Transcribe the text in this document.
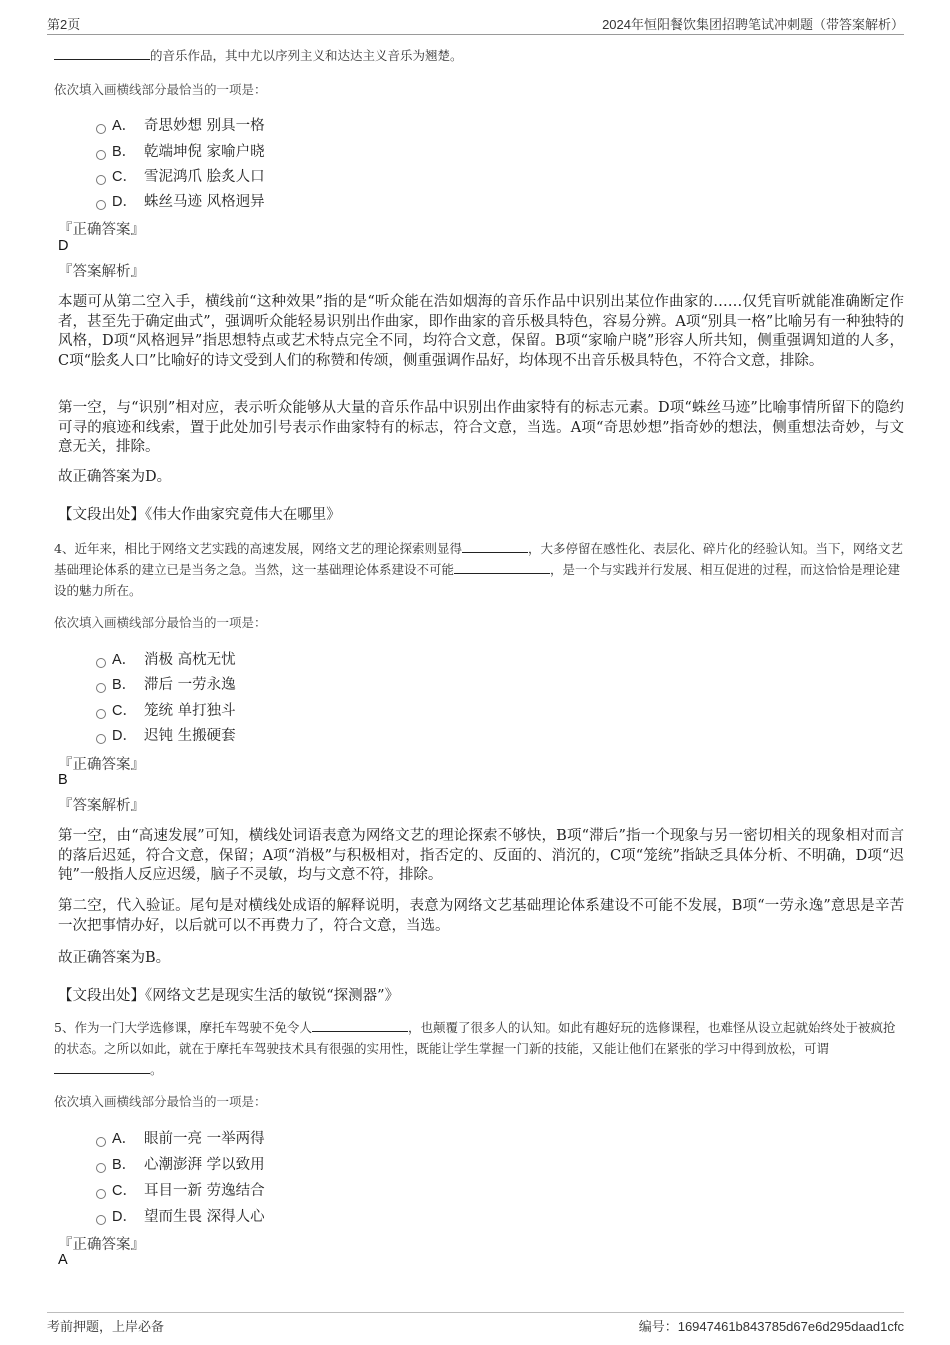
第2页	2024年恒阳餐饮集团招聘笔试冲刺题（带答案解析）
的音乐作品，其中尤以序列主义和达达主义音乐为翘楚。
依次填入画横线部分最恰当的一项是：
A． 奇思妙想 别具一格
B． 乾端坤倪 家喻户晓
C． 雪泥鸿爪 脍炙人口
D． 蛛丝马迹 风格迥异
『正确答案』
D
『答案解析』
本题可从第二空入手，横线前“这种效果”指的是“听众能在浩如烟海的音乐作品中识别出某位作曲家的……仅凭盲听就能准确断定作者，甚至先于确定曲式”，强调听众能轻易识别出作曲家，即作曲家的音乐极具特色，容易分辨。A项“别具一格”比喻另有一种独特的风格，D项“风格迥异”指思想特点或艺术特点完全不同，均符合文意，保留。B项“家喻户晓”形容人所共知，侧重强调知道的人多，C项“脍炙人口”比喻好的诗文受到人们的称赞和传颂，侧重强调作品好，均体现不出音乐极具特色，不符合文意，排除。
第一空，与“识别”相对应，表示听众能够从大量的音乐作品中识别出作曲家特有的标志元素。D项“蛛丝马迹”比喻事情所留下的隐约可寻的痕迹和线索，置于此处加引号表示作曲家特有的标志，符合文意，当选。A项“奇思妙想”指奇妙的想法，侧重想法奇妙，与文意无关，排除。
故正确答案为D。
【文段出处】《伟大作曲家究竟伟大在哪里》
4、近年来，相比于网络文艺实践的高速发展，网络文艺的理论探索则显得	，大多停留在感性化、表层化、碎片化的经验认知。当下，网络文艺基础理论体系的建立已是当务之急。当然，这一基础理论体系建设不可能	，是一个与实践并行发展、相互促进的过程，而这恰恰是理论建设的魅力所在。
依次填入画横线部分最恰当的一项是：
A． 消极 高枕无忧
B． 滞后 一劳永逸
C． 笼统 单打独斗
D． 迟钝 生搬硬套
『正确答案』
B
『答案解析』
第一空，由“高速发展”可知，横线处词语表意为网络文艺的理论探索不够快，B项“滞后”指一个现象与另一密切相关的现象相对而言的落后迟延，符合文意，保留；A项“消极”与积极相对，指否定的、反面的、消沉的，C项“笼统”指缺乏具体分析、不明确，D项“迟钝”一般指人反应迟缓，脑子不灵敏，均与文意不符，排除。
第二空，代入验证。尾句是对横线处成语的解释说明，表意为网络文艺基础理论体系建设不可能不发展，B项“一劳永逸”意思是辛苦一次把事情办好，以后就可以不再费力了，符合文意，当选。
故正确答案为B。
【文段出处】《网络文艺是现实生活的敏锐“探测器”》
5、作为一门大学选修课，摩托车驾驶不免令人	，也颠覆了很多人的认知。如此有趣好玩的选修课程，也难怪从设立起就始终处于被疯抢的状态。之所以如此，就在于摩托车驾驶技术具有很强的实用性，既能让学生掌握一门新的技能，又能让他们在紧张的学习中得到放松，可谓。
依次填入画横线部分最恰当的一项是：
A． 眼前一亮 一举两得
B． 心潮澎湃 学以致用
C． 耳目一新 劳逸结合
D． 望而生畏 深得人心
『正确答案』
A
考前押题，上岸必备	编号：16947461b843785d67e6d295daad1cfc
